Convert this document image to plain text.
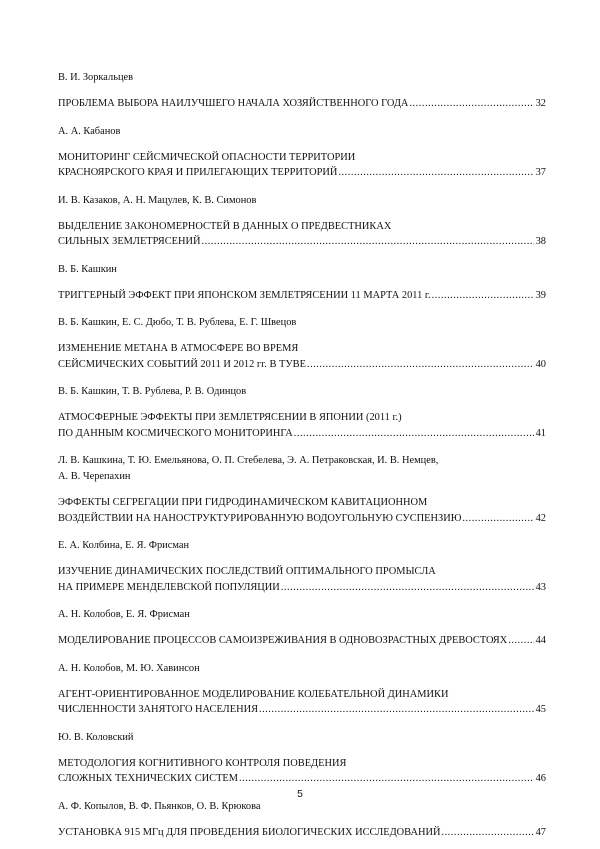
В. И. Зоркальцев
ПРОБЛЕМА ВЫБОРА НАИЛУЧШЕГО НАЧАЛА ХОЗЯЙСТВЕННОГО ГОДА .....	32
А. А. Кабанов
МОНИТОРИНГ СЕЙСМИЧЕСКОЙ ОПАСНОСТИ ТЕРРИТОРИИ
КРАСНОЯРСКОГО КРАЯ И ПРИЛЕГАЮЩИХ ТЕРРИТОРИЙ .....	37
И. В. Казаков, А. Н. Мацулев, К. В. Симонов
ВЫДЕЛЕНИЕ ЗАКОНОМЕРНОСТЕЙ В ДАННЫХ О ПРЕДВЕСТНИКАХ
СИЛЬНЫХ ЗЕМЛЕТРЯСЕНИЙ .....	38
В. Б. Кашкин
ТРИГГЕРНЫЙ ЭФФЕКТ ПРИ ЯПОНСКОМ ЗЕМЛЕТРЯСЕНИИ 11 МАРТА 2011 г. .....	39
В. Б. Кашкин, Е. С. Дюбо, Т. В. Рублева, Е. Г. Швецов
ИЗМЕНЕНИЕ МЕТАНА В АТМОСФЕРЕ ВО ВРЕМЯ
СЕЙСМИЧЕСКИХ СОБЫТИЙ 2011 И 2012 гг. В ТУВЕ .....	40
В. Б. Кашкин, Т. В. Рублева, Р. В. Одинцов
АТМОСФЕРНЫЕ ЭФФЕКТЫ ПРИ ЗЕМЛЕТРЯСЕНИИ В ЯПОНИИ (2011 г.)
ПО ДАННЫМ КОСМИЧЕСКОГО МОНИТОРИНГА .....	41
Л. В. Кашкина, Т. Ю. Емельянова, О. П. Стебелева, Э. А. Петраковская, И. В. Немцев,
А. В. Черепахин
ЭФФЕКТЫ СЕГРЕГАЦИИ ПРИ ГИДРОДИНАМИЧЕСКОМ КАВИТАЦИОННОМ
ВОЗДЕЙСТВИИ НА НАНОСТРУКТУРИРОВАННУЮ ВОДОУГОЛЬНУЮ СУСПЕНЗИЮ .....	42
Е. А. Колбина, Е. Я. Фрисман
ИЗУЧЕНИЕ ДИНАМИЧЕСКИХ ПОСЛЕДСТВИЙ ОПТИМАЛЬНОГО ПРОМЫСЛА
НА ПРИМЕРЕ МЕНДЕЛЕВСКОЙ ПОПУЛЯЦИИ .....	43
А. Н. Колобов, Е. Я. Фрисман
МОДЕЛИРОВАНИЕ ПРОЦЕССОВ САМОИЗРЕЖИВАНИЯ В ОДНОВОЗРАСТНЫХ ДРЕВОСТОЯХ .....	44
А. Н. Колобов, М. Ю. Хавинсон
АГЕНТ-ОРИЕНТИРОВАННОЕ МОДЕЛИРОВАНИЕ КОЛЕБАТЕЛЬНОЙ ДИНАМИКИ
ЧИСЛЕННОСТИ ЗАНЯТОГО НАСЕЛЕНИЯ .....	45
Ю. В. Коловский
МЕТОДОЛОГИЯ КОГНИТИВНОГО КОНТРОЛЯ ПОВЕДЕНИЯ
СЛОЖНЫХ ТЕХНИЧЕСКИХ СИСТЕМ .....	46
А. Ф. Копылов, В. Ф. Пьянков, О. В. Крюкова
УСТАНОВКА 915 МГц ДЛЯ ПРОВЕДЕНИЯ БИОЛОГИЧЕСКИХ ИССЛЕДОВАНИЙ .....	47
5
